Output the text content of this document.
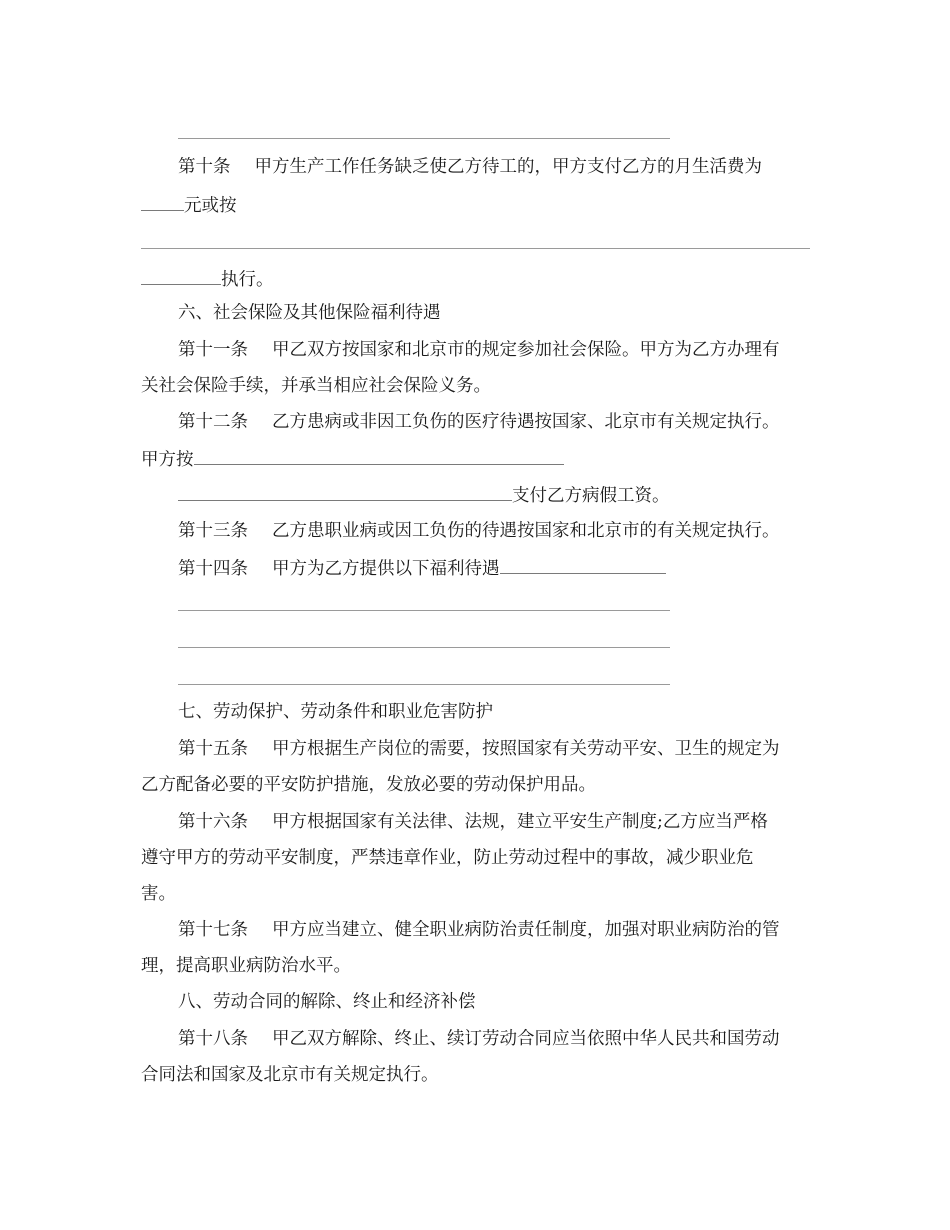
第十条 甲方生产工作任务缺乏使乙方待工的，甲方支付乙方的月生活费为
元或按
执行。
六、社会保险及其他保险福利待遇
第十一条 甲乙双方按国家和北京市的规定参加社会保险。甲方为乙方办理有
关社会保险手续，并承当相应社会保险义务。
第十二条 乙方患病或非因工负伤的医疗待遇按国家、北京市有关规定执行。
甲方按
支付乙方病假工资。
第十三条 乙方患职业病或因工负伤的待遇按国家和北京市的有关规定执行。
第十四条 甲方为乙方提供以下福利待遇
七、劳动保护、劳动条件和职业危害防护
第十五条 甲方根据生产岗位的需要，按照国家有关劳动平安、卫生的规定为
乙方配备必要的平安防护措施，发放必要的劳动保护用品。
第十六条 甲方根据国家有关法律、法规，建立平安生产制度;乙方应当严格
遵守甲方的劳动平安制度，严禁违章作业，防止劳动过程中的事故，减少职业危
害。
第十七条 甲方应当建立、健全职业病防治责任制度，加强对职业病防治的管
理，提高职业病防治水平。
八、劳动合同的解除、终止和经济补偿
第十八条 甲乙双方解除、终止、续订劳动合同应当依照中华人民共和国劳动
合同法和国家及北京市有关规定执行。
